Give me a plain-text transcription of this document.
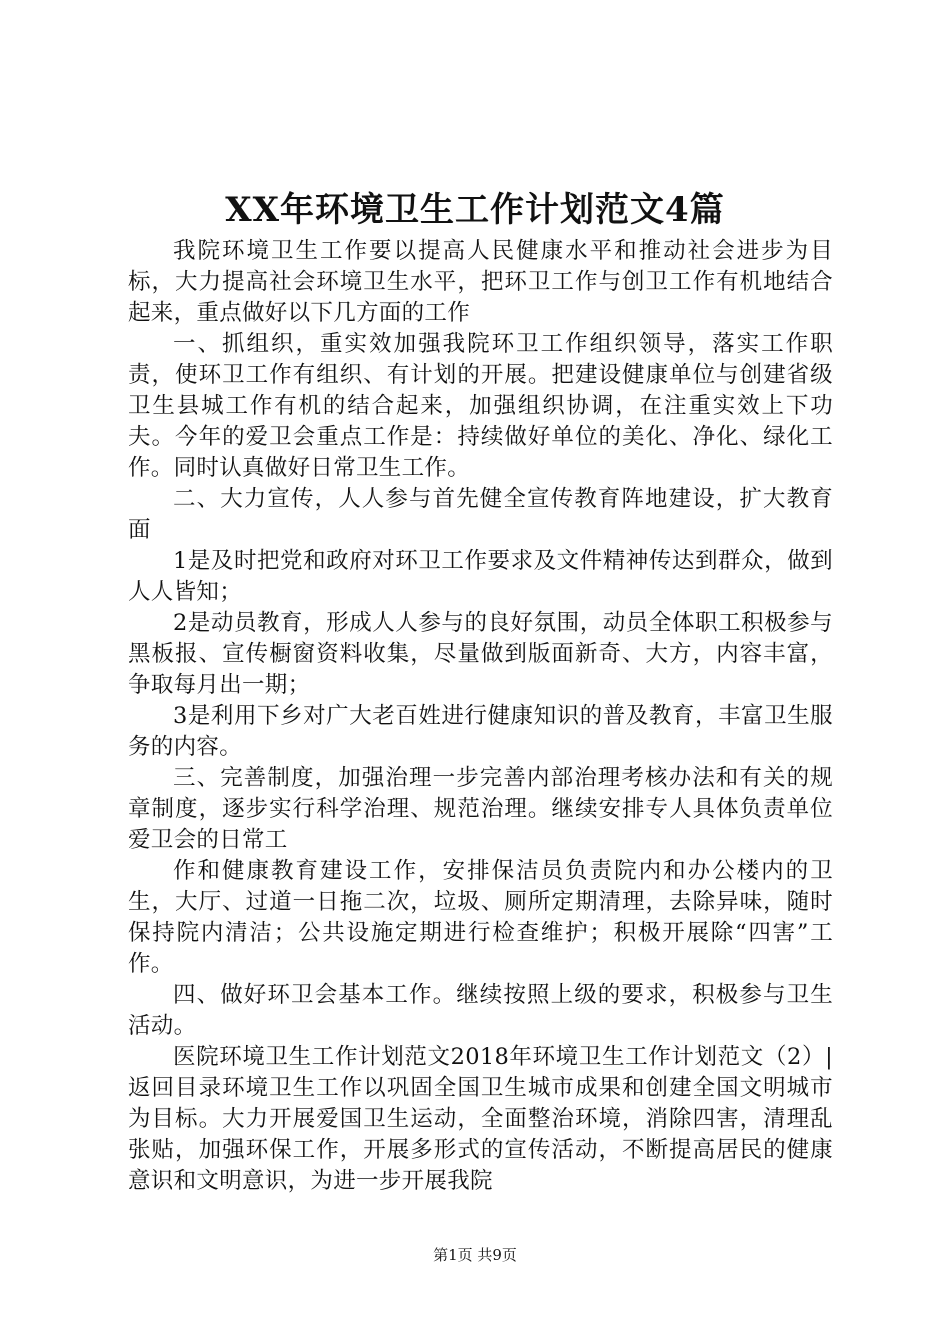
XX年环境卫生工作计划范文4篇

我院环境卫生工作要以提高人民健康水平和推动社会进步为目标，大力提高社会环境卫生水平，把环卫工作与创卫工作有机地结合起来，重点做好以下几方面的工作

一、抓组织，重实效加强我院环卫工作组织领导，落实工作职责，使环卫工作有组织、有计划的开展。把建设健康单位与创建省级卫生县城工作有机的结合起来，加强组织协调，在注重实效上下功夫。今年的爱卫会重点工作是：持续做好单位的美化、净化、绿化工作。同时认真做好日常卫生工作。

二、大力宣传，人人参与首先健全宣传教育阵地建设，扩大教育面

1是及时把党和政府对环卫工作要求及文件精神传达到群众，做到人人皆知；

2是动员教育，形成人人参与的良好氛围，动员全体职工积极参与黑板报、宣传橱窗资料收集，尽量做到版面新奇、大方，内容丰富，争取每月出一期；

3是利用下乡对广大老百姓进行健康知识的普及教育，丰富卫生服务的内容。

三、完善制度，加强治理一步完善内部治理考核办法和有关的规章制度，逐步实行科学治理、规范治理。继续安排专人具体负责单位爱卫会的日常工

作和健康教育建设工作，安排保洁员负责院内和办公楼内的卫生，大厅、过道一日拖二次，垃圾、厕所定期清理，去除异味，随时保持院内清洁；公共设施定期进行检查维护；积极开展除“四害”工作。

四、做好环卫会基本工作。继续按照上级的要求，积极参与卫生活动。

医院环境卫生工作计划范文2018年环境卫生工作计划范文（2）|返回目录环境卫生工作以巩固全国卫生城市成果和创建全国文明城市为目标。大力开展爱国卫生运动，全面整治环境，消除四害，清理乱张贴，加强环保工作，开展多形式的宣传活动，不断提高居民的健康意识和文明意识，为进一步开展我院

第1页 共9页
